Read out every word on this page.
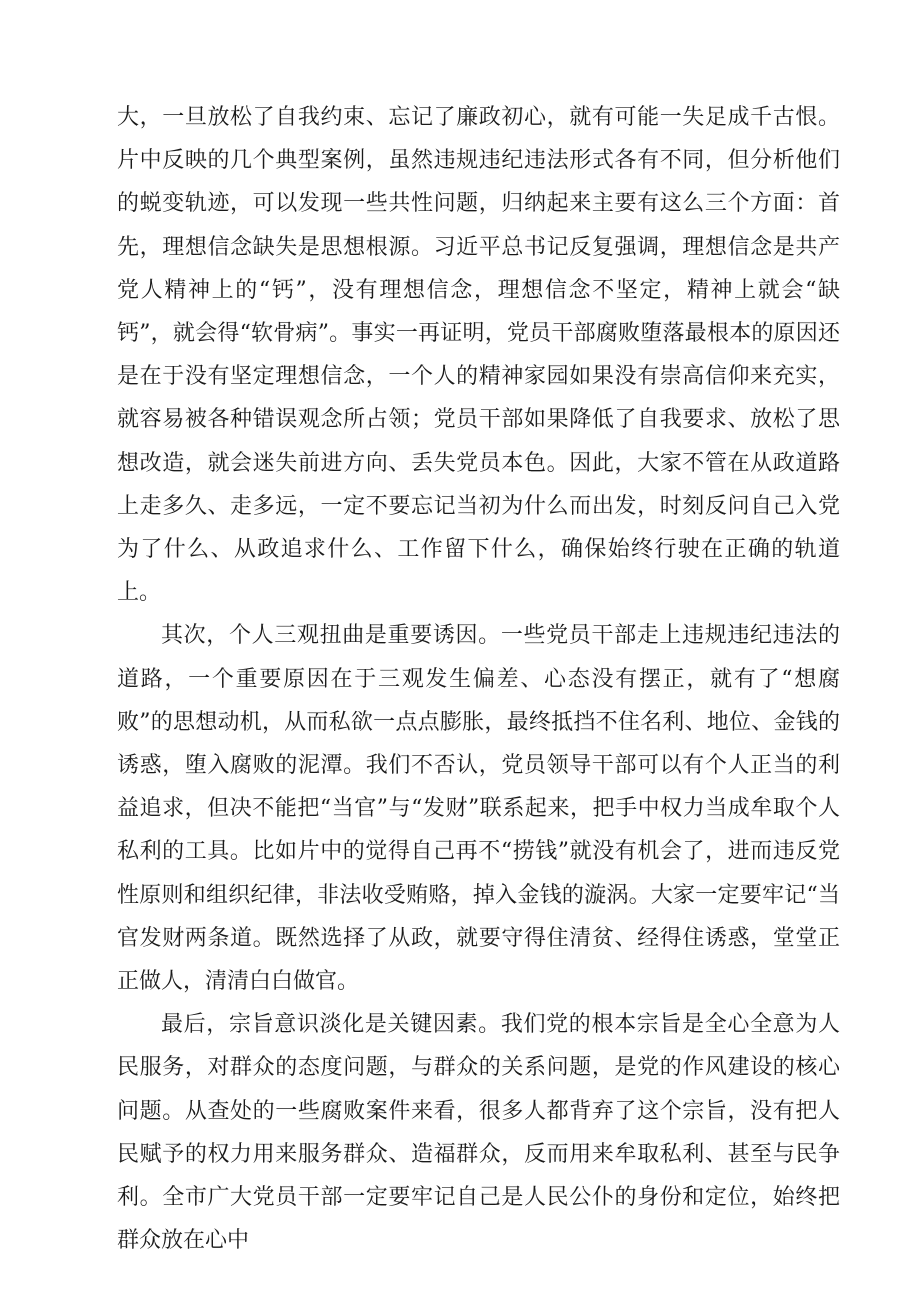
大，一旦放松了自我约束、忘记了廉政初心，就有可能一失足成千古恨。片中反映的几个典型案例，虽然违规违纪违法形式各有不同，但分析他们的蜕变轨迹，可以发现一些共性问题，归纳起来主要有这么三个方面：首先，理想信念缺失是思想根源。习近平总书记反复强调，理想信念是共产党人精神上的“钙”，没有理想信念，理想信念不坚定，精神上就会“缺钙”，就会得“软骨病”。事实一再证明，党员干部腐败堕落最根本的原因还是在于没有坚定理想信念，一个人的精神家园如果没有崇高信仰来充实，就容易被各种错误观念所占领；党员干部如果降低了自我要求、放松了思想改造，就会迷失前进方向、丢失党员本色。因此，大家不管在从政道路上走多久、走多远，一定不要忘记当初为什么而出发，时刻反问自己入党为了什么、从政追求什么、工作留下什么，确保始终行驶在正确的轨道上。

其次，个人三观扭曲是重要诱因。一些党员干部走上违规违纪违法的道路，一个重要原因在于三观发生偏差、心态没有摆正，就有了“想腐败”的思想动机，从而私欲一点点膨胀，最终抵挡不住名利、地位、金钱的诱惑，堕入腐败的泥潭。我们不否认，党员领导干部可以有个人正当的利益追求，但决不能把“当官”与“发财”联系起来，把手中权力当成牟取个人私利的工具。比如片中的觉得自己再不“捞钱”就没有机会了，进而违反党性原则和组织纪律，非法收受贿赂，掉入金钱的漩涡。大家一定要牢记“当官发财两条道。既然选择了从政，就要守得住清贫、经得住诱惑，堂堂正正做人，清清白白做官。

最后，宗旨意识淡化是关键因素。我们党的根本宗旨是全心全意为人民服务，对群众的态度问题，与群众的关系问题，是党的作风建设的核心问题。从查处的一些腐败案件来看，很多人都背弃了这个宗旨，没有把人民赋予的权力用来服务群众、造福群众，反而用来牟取私利、甚至与民争利。全市广大党员干部一定要牢记自己是人民公仆的身份和定位，始终把群众放在心中
